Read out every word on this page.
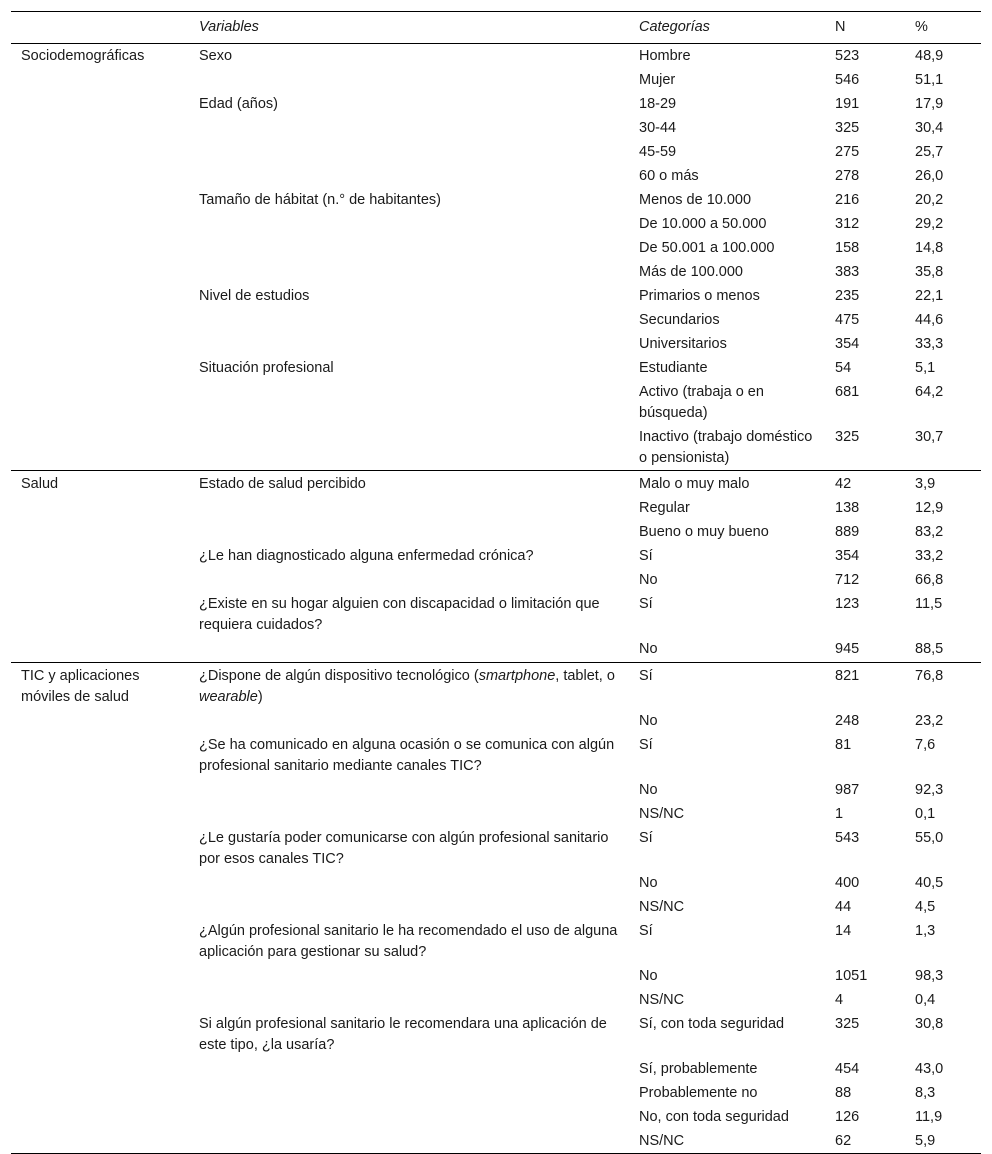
	Variables	Categorías	N	%
Sociodemográficas	Sexo	Hombre	523	48,9
		Mujer	546	51,1
	Edad (años)	18-29	191	17,9
		30-44	325	30,4
		45-59	275	25,7
		60 o más	278	26,0
	Tamaño de hábitat (n.° de habitantes)	Menos de 10.000	216	20,2
		De 10.000 a 50.000	312	29,2
		De 50.001 a 100.000	158	14,8
		Más de 100.000	383	35,8
	Nivel de estudios	Primarios o menos	235	22,1
		Secundarios	475	44,6
		Universitarios	354	33,3
	Situación profesional	Estudiante	54	5,1
		Activo (trabaja o en búsqueda)	681	64,2
		Inactivo (trabajo doméstico o pensionista)	325	30,7
Salud	Estado de salud percibido	Malo o muy malo	42	3,9
		Regular	138	12,9
		Bueno o muy bueno	889	83,2
	¿Le han diagnosticado alguna enfermedad crónica?	Sí	354	33,2
		No	712	66,8
	¿Existe en su hogar alguien con discapacidad o limitación que requiera cuidados?	Sí	123	11,5
		No	945	88,5
TIC y aplicaciones móviles de salud	¿Dispone de algún dispositivo tecnológico (smartphone, tablet, o wearable)	Sí	821	76,8
		No	248	23,2
	¿Se ha comunicado en alguna ocasión o se comunica con algún profesional sanitario mediante canales TIC?	Sí	81	7,6
		No	987	92,3
		NS/NC	1	0,1
	¿Le gustaría poder comunicarse con algún profesional sanitario por esos canales TIC?	Sí	543	55,0
		No	400	40,5
		NS/NC	44	4,5
	¿Algún profesional sanitario le ha recomendado el uso de alguna aplicación para gestionar su salud?	Sí	14	1,3
		No	1051	98,3
		NS/NC	4	0,4
	Si algún profesional sanitario le recomendara una aplicación de este tipo, ¿la usaría?	Sí, con toda seguridad	325	30,8
		Sí, probablemente	454	43,0
		Probablemente no	88	8,3
		No, con toda seguridad	126	11,9
		NS/NC	62	5,9
